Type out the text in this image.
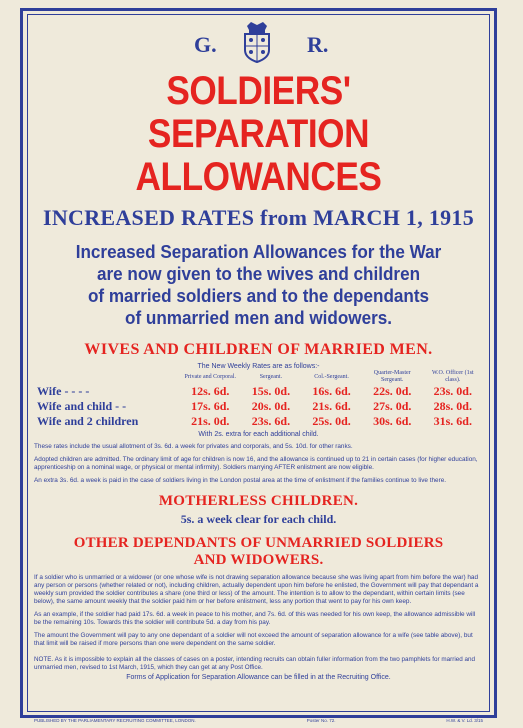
G.	R.
SOLDIERS' SEPARATION
ALLOWANCES
INCREASED RATES from MARCH 1, 1915
Increased Separation Allowances for the War
are now given to the wives and children
of married soldiers and to the dependants
of unmarried men and widowers.
WIVES AND CHILDREN OF MARRIED MEN.
The New Weekly Rates are as follows:-
	Private and Corporal.	Sergeant.	Col.-Sergeant.	Quarter-Master Sergeant.	W.O. Officer (1st class).
Wife - - - -	12s. 6d.	15s. 0d.	16s. 6d.	22s. 0d.	23s. 0d.
Wife and child - -	17s. 6d.	20s. 0d.	21s. 6d.	27s. 0d.	28s. 0d.
Wife and 2 children	21s. 0d.	23s. 6d.	25s. 0d.	30s. 6d.	31s. 6d.
With 2s. extra for each additional child.
These rates include the usual allotment of 3s. 6d. a week for privates and corporals, and 5s. 10d. for other ranks.
Adopted children are admitted. The ordinary limit of age for children is now 16, and the allowance is continued up to 21 in certain cases (for higher education, apprenticeship on a nominal wage, or physical or mental infirmity). Soldiers marrying AFTER enlistment are now eligible.
An extra 3s. 6d. a week is paid in the case of soldiers living in the London postal area at the time of enlistment if the families continue to live there.
MOTHERLESS CHILDREN.
5s. a week clear for each child.
OTHER DEPENDANTS OF UNMARRIED SOLDIERS
AND WIDOWERS.
If a soldier who is unmarried or a widower (or one whose wife is not drawing separation allowance because she was living apart from him before the war) had any person or persons (whether related or not), including children, actually dependent upon him before he enlisted, the Government will pay that dependant a weekly sum provided the soldier contributes a share (one third or less) of the amount. The intention is to allow to the dependant, within certain limits (see below), the same amount weekly that the soldier paid him or her before enlistment, less any portion that went to pay for his own keep.
As an example, if the soldier had paid 17s. 6d. a week in peace to his mother, and 7s. 6d. of this was needed for his own keep, the allowance admissible will be the remaining 10s. Towards this the soldier will contribute 5d. a day from his pay.
The amount the Government will pay to any one dependant of a soldier will not exceed the amount of separation allowance for a wife (see table above), but that limit will be raised if more persons than one were dependent on the same soldier.
NOTE. As it is impossible to explain all the classes of cases on a poster, intending recruits can obtain fuller information from the two pamphlets for married and unmarried men, revised to 1st March, 1915, which they can get at any Post Office.
Forms of Application for Separation Allowance can be filled in at the Recruiting Office.
PUBLISHED BY THE PARLIAMENTARY RECRUITING COMMITTEE, LONDON.	Poster No. 72.	H.W. & V. Ld. 3/15
